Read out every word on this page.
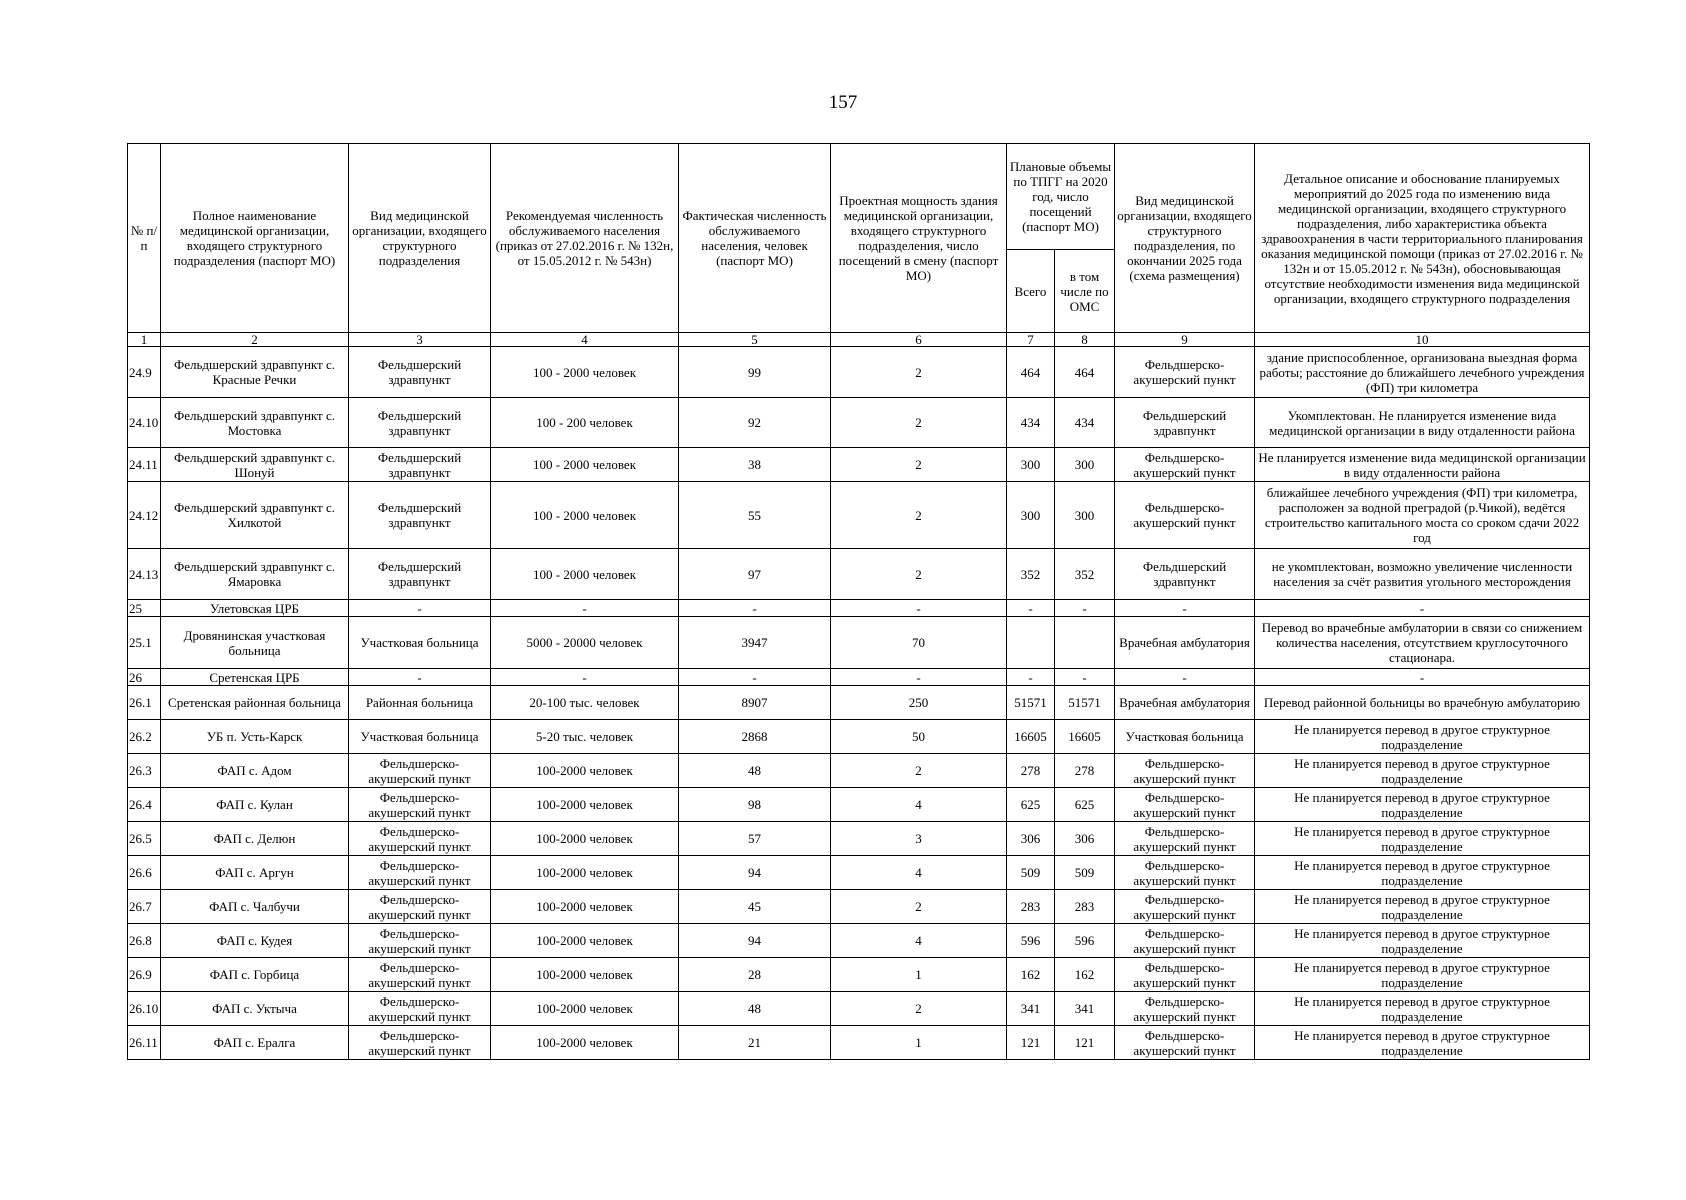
157
№ п/п	Полное наименование медицинской организации, входящего структурного подразделения (паспорт МО)	Вид медицинской организации, входящего структурного подразделения	Рекомендуемая численность обслуживаемого населения (приказ от 27.02.2016 г. № 132н, от 15.05.2012 г. № 543н)	Фактическая численность обслуживаемого населения, человек (паспорт МО)	Проектная мощность здания медицинской организации, входящего структурного подразделения, число посещений в смену (паспорт МО)	Плановые объемы по ТПГГ на 2020 год, число посещений (паспорт МО)		Вид медицинской организации, входящего структурного подразделения, по окончании 2025 года (схема размещения)	Детальное описание и обоснование планируемых мероприятий до 2025 года по изменению вида медицинской организации, входящего структурного подразделения, либо характеристика объекта здравоохранения в части территориального планирования оказания медицинской помощи (приказ от 27.02.2016 г. № 132н и от 15.05.2012 г. № 543н), обосновывающая отсутствие необходимости изменения вида медицинской организации, входящего структурного подразделения
						Всего	в том числе по ОМС		
1	2	3	4	5	6	7	8	9	10
24.9	Фельдшерский здравпункт с. Красные Речки	Фельдшерский здравпункт	100 - 2000 человек	99	2	464	464	Фельдшерско-акушерский пункт	здание приспособленное, организована выездная форма работы; расстояние до ближайшего лечебного учреждения (ФП) три километра
24.10	Фельдшерский здравпункт с. Мостовка	Фельдшерский здравпункт	100 - 200 человек	92	2	434	434	Фельдшерский здравпункт	Укомплектован. Не планируется изменение вида медицинской организации в виду отдаленности района
24.11	Фельдшерский здравпункт с. Шонуй	Фельдшерский здравпункт	100 - 2000 человек	38	2	300	300	Фельдшерско-акушерский пункт	Не планируется изменение вида медицинской организации в виду отдаленности района
24.12	Фельдшерский здравпункт с. Хилкотой	Фельдшерский здравпункт	100 - 2000 человек	55	2	300	300	Фельдшерско-акушерский пункт	ближайшее лечебного учреждения (ФП) три километра, расположен за водной преградой (р.Чикой), ведётся строительство капитального моста со сроком сдачи 2022 год
24.13	Фельдшерский здравпункт с. Ямаровка	Фельдшерский здравпункт	100 - 2000 человек	97	2	352	352	Фельдшерский здравпункт	не укомплектован, возможно увеличение численности населения за счёт развития угольного месторождения
25	Улетовская ЦРБ	-	-	-	-	-	-	-	-
25.1	Дровянинская участковая больница	Участковая больница	5000 - 20000 человек	3947	70			Врачебная амбулатория	Перевод во врачебные амбулатории в связи со снижением количества населения, отсутствием круглосуточного стационара.
26	Сретенская ЦРБ	-	-	-	-	-	-	-	-
26.1	Сретенская районная больница	Районная больница	20-100 тыс. человек	8907	250	51571	51571	Врачебная амбулатория	Перевод районной больницы во врачебную амбулаторию
26.2	УБ п. Усть-Карск	Участковая больница	5-20 тыс. человек	2868	50	16605	16605	Участковая больница	Не планируется перевод в другое структурное подразделение
26.3	ФАП с. Адом	Фельдшерско-акушерский пункт	100-2000 человек	48	2	278	278	Фельдшерско-акушерский пункт	Не планируется перевод в другое структурное подразделение
26.4	ФАП с. Кулан	Фельдшерско-акушерский пункт	100-2000 человек	98	4	625	625	Фельдшерско-акушерский пункт	Не планируется перевод в другое структурное подразделение
26.5	ФАП с. Делюн	Фельдшерско-акушерский пункт	100-2000 человек	57	3	306	306	Фельдшерско-акушерский пункт	Не планируется перевод в другое структурное подразделение
26.6	ФАП с. Аргун	Фельдшерско-акушерский пункт	100-2000 человек	94	4	509	509	Фельдшерско-акушерский пункт	Не планируется перевод в другое структурное подразделение
26.7	ФАП с. Чалбучи	Фельдшерско-акушерский пункт	100-2000 человек	45	2	283	283	Фельдшерско-акушерский пункт	Не планируется перевод в другое структурное подразделение
26.8	ФАП с. Кудея	Фельдшерско-акушерский пункт	100-2000 человек	94	4	596	596	Фельдшерско-акушерский пункт	Не планируется перевод в другое структурное подразделение
26.9	ФАП с. Горбица	Фельдшерско-акушерский пункт	100-2000 человек	28	1	162	162	Фельдшерско-акушерский пункт	Не планируется перевод в другое структурное подразделение
26.10	ФАП с. Уктыча	Фельдшерско-акушерский пункт	100-2000 человек	48	2	341	341	Фельдшерско-акушерский пункт	Не планируется перевод в другое структурное подразделение
26.11	ФАП с. Ералга	Фельдшерско-акушерский пункт	100-2000 человек	21	1	121	121	Фельдшерско-акушерский пункт	Не планируется перевод в другое структурное подразделение
